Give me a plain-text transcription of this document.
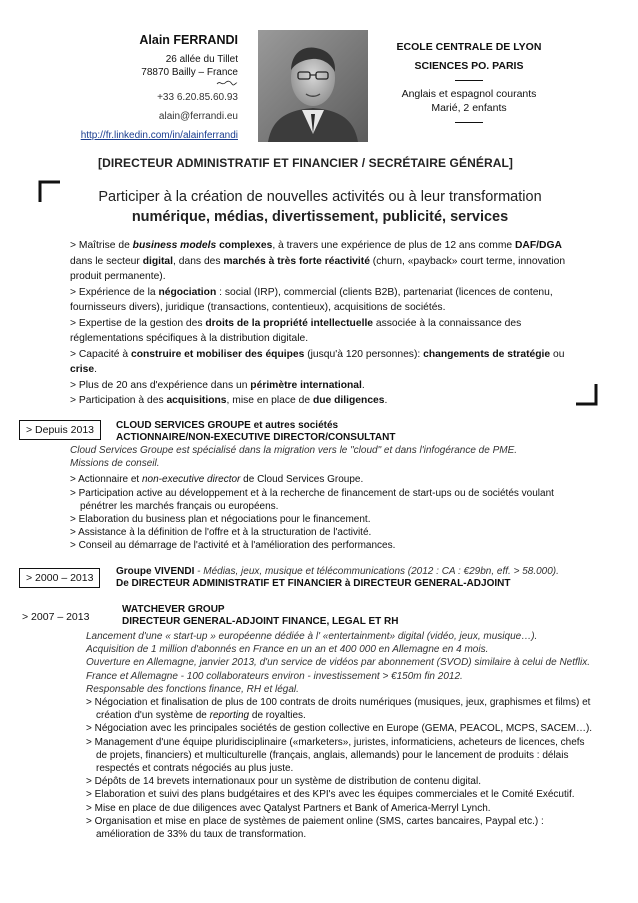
Alain FERRANDI
26 allée du Tillet
78870 Bailly – France
+33 6.20.85.60.93
alain@ferrandi.eu
http://fr.linkedin.com/in/alainferrandi
ECOLE CENTRALE DE LYON
SCIENCES PO. PARIS
Anglais et espagnol courants
Marié, 2 enfants
[DIRECTEUR ADMINISTRATIF ET FINANCIER / SECRÉTAIRE GÉNÉRAL]
Participer à la création de nouvelles activités ou à leur transformation
numérique, médias, divertissement, publicité, services

> Maîtrise de business models complexes, à travers une expérience de plus de 12 ans comme DAF/DGA dans le secteur digital, dans des marchés à très forte réactivité (churn, «payback» court terme, innovation produit permanente).

> Expérience de la négociation : social (IRP), commercial (clients B2B), partenariat (licences de contenu, fournisseurs divers), juridique (transactions, contentieux), acquisitions de sociétés.

> Expertise de la gestion des droits de la propriété intellectuelle associée à la connaissance des réglementations spécifiques à la distribution digitale.

> Capacité à construire et mobiliser des équipes (jusqu'à 120 personnes): changements de stratégie ou crise.

> Plus de 20 ans d'expérience dans un périmètre international.

> Participation à des acquisitions, mise en place de due diligences.

> Depuis 2013	CLOUD SERVICES GROUPE et autres sociétés
ACTIONNAIRE/NON-EXECUTIVE DIRECTOR/CONSULTANT

Cloud Services Groupe est spécialisé dans la migration vers le "cloud" et dans l'infogérance de PME.

Missions de conseil.

> Actionnaire et non-executive director de Cloud Services Groupe.

> Participation active au développement et à la recherche de financement de start-ups ou de sociétés voulant pénétrer les marchés français ou européens.

> Elaboration du business plan et négociations pour le financement.

> Assistance à la définition de l'offre et à la structuration de l'activité.

> Conseil au démarrage de l'activité et à l'amélioration des performances.

> 2000 – 2013

Groupe VIVENDI - Médias, jeux, musique et télécommunications (2012 : CA : €29bn, eff. > 58.000).

De DIRECTEUR ADMINISTRATIF ET FINANCIER à DIRECTEUR GENERAL-ADJOINT

> 2007 – 2013
WATCHEVER GROUP
DIRECTEUR GENERAL-ADJOINT FINANCE, LEGAL ET RH

Lancement d'une « start-up » européenne dédiée à l' «entertainment» digital (vidéo, jeux, musique…).

Acquisition de 1 million d'abonnés en France en un an et 400 000 en Allemagne en 4 mois.

Ouverture en Allemagne, janvier 2013, d'un service de vidéos par abonnement (SVOD) similaire à celui de Netflix.

France et Allemagne - 100 collaborateurs environ - investissement > €150m fin 2012.

Responsable des fonctions finance, RH et légal.

> Négociation et finalisation de plus de 100 contrats de droits numériques (musiques, jeux, graphismes et films) et création d'un système de reporting de royalties.

> Négociation avec les principales sociétés de gestion collective en Europe (GEMA, PEACOL, MCPS, SACEM…).

> Management d'une équipe pluridisciplinaire («marketers», juristes, informaticiens, acheteurs de licences, chefs de projets, financiers) et multiculturelle (français, anglais, allemands) pour le lancement de produits : délais respectés et contrats négociés au plus juste.

> Dépôts de 14 brevets internationaux pour un système de distribution de contenu digital.

> Elaboration et suivi des plans budgétaires et des KPI's avec les équipes commerciales et le Comité Exécutif.

> Mise en place de due diligences avec Qatalyst Partners et Bank of America-Merryl Lynch.

> Organisation et mise en place de systèmes de paiement online (SMS, cartes bancaires, Paypal etc.) : amélioration de 33% du taux de transformation.
